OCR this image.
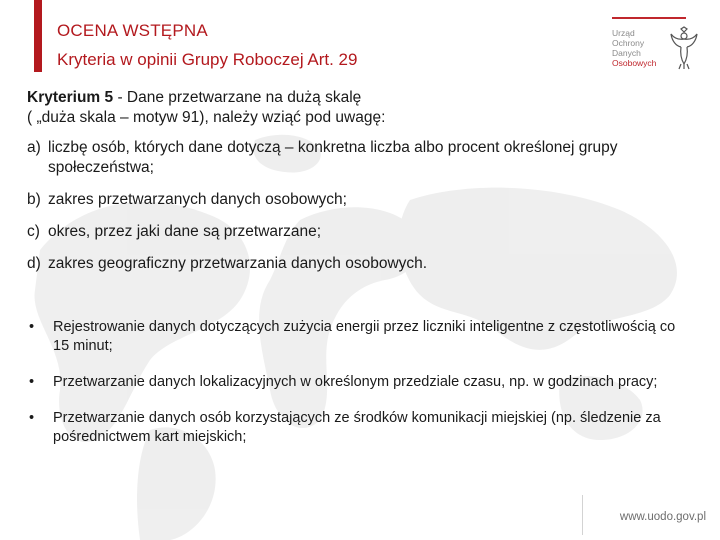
OCENA WSTĘPNA
Kryteria w opinii Grupy Roboczej Art. 29
Urząd
Ochrony
Danych
Osobowych

Kryterium 5 - Dane przetwarzane na dużą skalę

( „duża skala – motyw 91), należy wziąć pod uwagę:

a) liczbę osób, których dane dotyczą – konkretna liczba albo procent określonej grupy społeczeństwa;
b) zakres przetwarzanych danych osobowych;
c) okres, przez jaki dane są przetwarzane;
d) zakres geograficzny przetwarzania danych osobowych.
•	Rejestrowanie danych dotyczących zużycia energii przez liczniki inteligentne z częstotliwością co 15 minut;
•	Przetwarzanie danych lokalizacyjnych w określonym przedziale czasu, np. w godzinach pracy;
•	Przetwarzanie danych osób korzystających ze środków komunikacji miejskiej (np. śledzenie za pośrednictwem kart miejskich;
www.uodo.gov.pl
